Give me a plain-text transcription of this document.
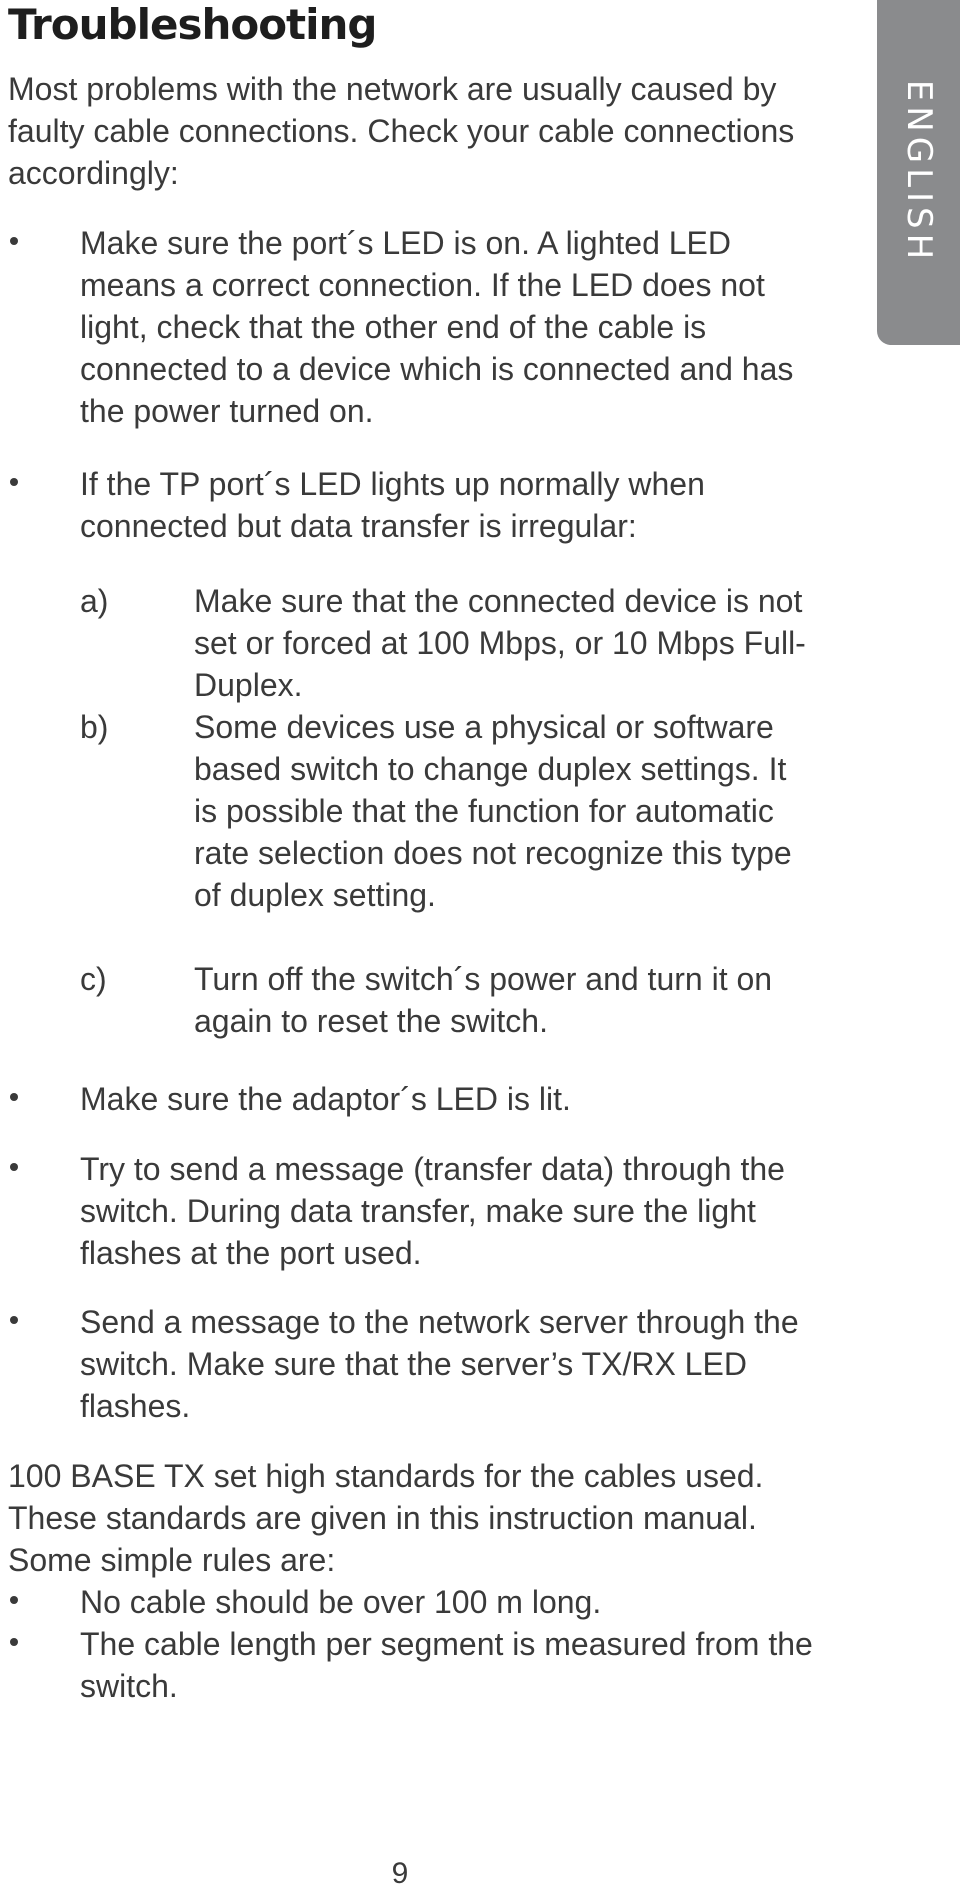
Troubleshooting
ENGLISH
Most problems with the network are usually caused by faulty cable connections. Check your cable connections accordingly:
Make sure the port´s LED is on. A lighted LED means a correct connection. If the LED does not light, check that the other end of the cable is connected to a device which is connected and has the power turned on.
If the TP port´s LED lights up normally when connected but data transfer is irregular:
a)	Make sure that the connected device is not set or forced at 100 Mbps, or 10 Mbps Full-Duplex.
b)	Some devices use a physical or software based switch to change duplex settings. It is possible that the function for automatic rate selection does not recognize this type of duplex setting.
c)	Turn off the switch´s power and turn it on again to reset the switch.
Make sure the adaptor´s LED is lit.
Try to send a message (transfer data) through the switch. During data transfer, make sure the light flashes at the port used.
Send a message to the network server through the switch. Make sure that the server’s TX/RX LED flashes.
100 BASE TX set high standards for the cables used. These standards are given in this instruction manual. Some simple rules are:
No cable should be over 100 m long.
The cable length per segment is measured from the switch.
9
